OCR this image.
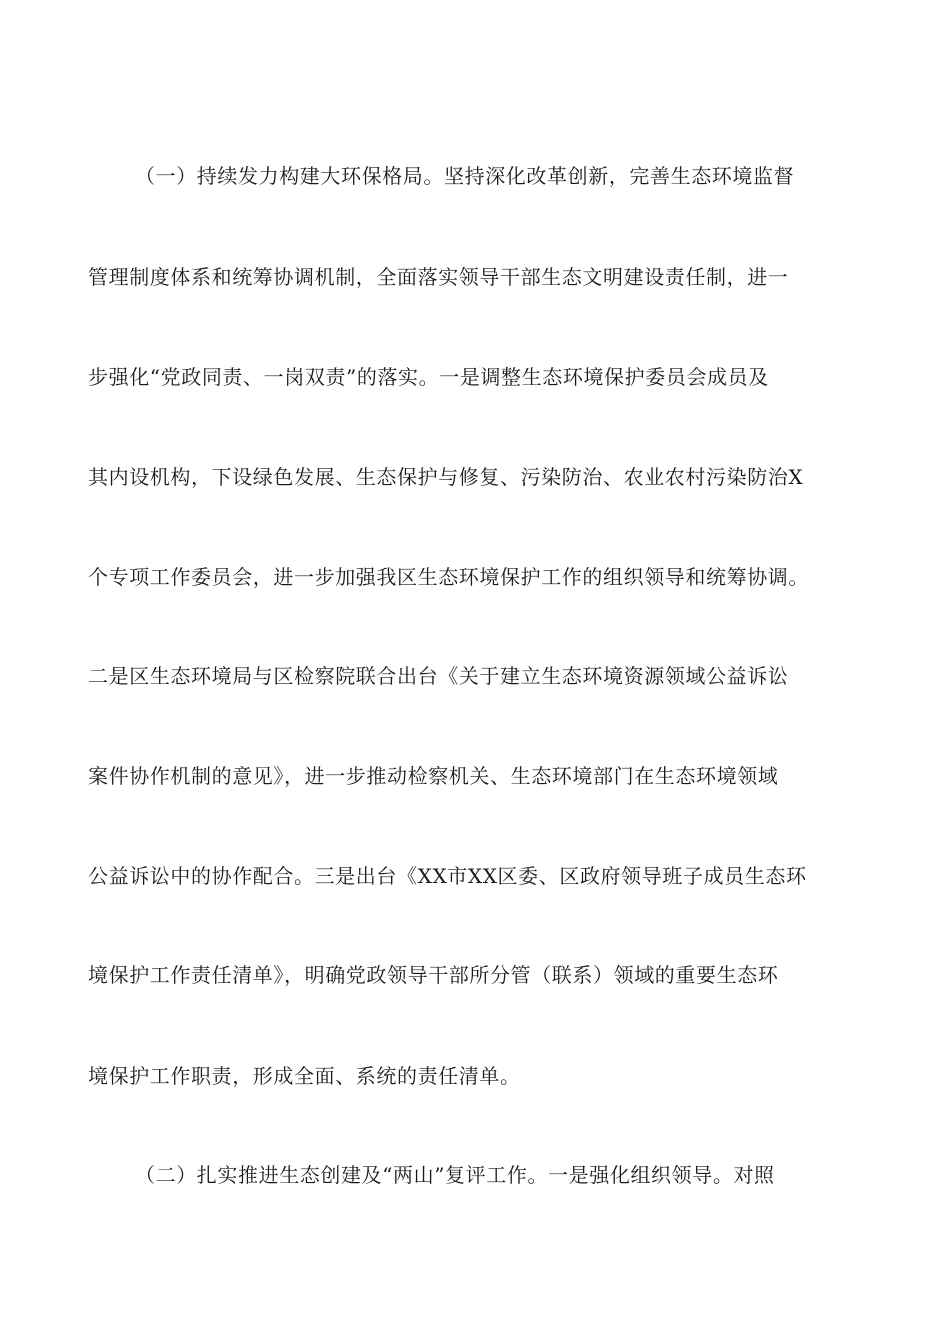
（一）持续发力构建大环保格局。坚持深化改革创新，完善生态环境监督
管理制度体系和统筹协调机制，全面落实领导干部生态文明建设责任制，进一
步强化“党政同责、一岗双责”的落实。一是调整生态环境保护委员会成员及
其内设机构，下设绿色发展、生态保护与修复、污染防治、农业农村污染防治X
个专项工作委员会，进一步加强我区生态环境保护工作的组织领导和统筹协调。
二是区生态环境局与区检察院联合出台《关于建立生态环境资源领域公益诉讼
案件协作机制的意见》，进一步推动检察机关、生态环境部门在生态环境领域
公益诉讼中的协作配合。三是出台《XX市XX区委、区政府领导班子成员生态环
境保护工作责任清单》，明确党政领导干部所分管（联系）领域的重要生态环
境保护工作职责，形成全面、系统的责任清单。
（二）扎实推进生态创建及“两山”复评工作。一是强化组织领导。对照
